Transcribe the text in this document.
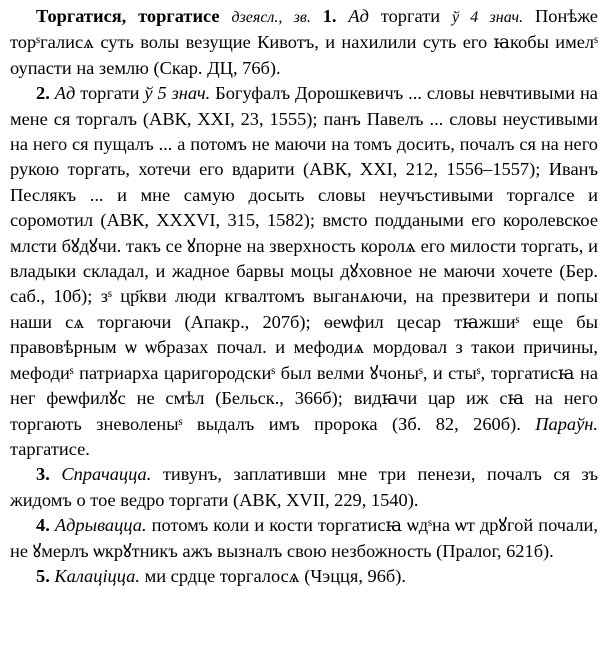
Торгатися, торгатисе дзеясл., зв. 1. Ад торгати ў 4 знач. Понѣже торˢгалисѧ суть волы везущие Кивотъ, и нахилили суть его ꙗкобы имелˢ оупасти на землю (Скар. ДЦ, 76б).

2. Ад торгати ў 5 знач. Богуфалъ Дорошкевичъ ... словы невчтивыми на мене ся торгалъ (АВК, XXI, 23, 1555); панъ Павелъ ... словы неустивыми на него ся пущалъ ... а потомъ не маючи на томъ досить, почалъ ся на него рукою торгать, хотечи его вдарити (АВК, XXI, 212, 1556–1557); Иванъ Песлякъ ... и мне самую досыть словы неучъстивыми торгалсе и соромотил (АВК, XXXVI, 315, 1582); вмсто поддаными его королевское млсти бꙋдꙋчи. такъ се ꙋпорне на зверхность королѧ его милости торгать, и владыки складал, и жадное барвы моцы дꙋховное не маючи хочете (Бер. саб., 10б); зˢ цр҃кви люди кгвалтомъ выганѧючи, на презвитери и попы наши сѧ торгаючи (Апакр., 207б); ѳеѡфил цесар тꙗжшиˢ еще бы правовѣрным ѡ ѡбразах почал. и мефодиѧ мордовал з такои причины, мефодиˢ патриарха царигородскиˢ был велми ꙋчоныˢ, и стыˢ, торгатисꙗ на нег феѡфилꙋс не смѣл (Бельск., 366б); видꙗчи цар иж сꙗ на него торгають зневоленыˢ выдалъ имъ пророка (Зб. 82, 260б). Параўн. таргатисе.

3. Спрачацца. тивунъ, заплативши мне три пенези, почалъ ся зъ жидомъ о тое ведро торгати (АВК, XVII, 229, 1540).

4. Адрывацца. потомъ коли и кости торгатисꙗ ѡдˢна ѡт дрꙋгой почали, не ꙋмерлъ ѡкрꙋтникъ ажъ вызналъ свою незбожность (Пралог, 621б).

5. Калаціцца. ми срдце торгалосѧ (Чэцця, 96б).
